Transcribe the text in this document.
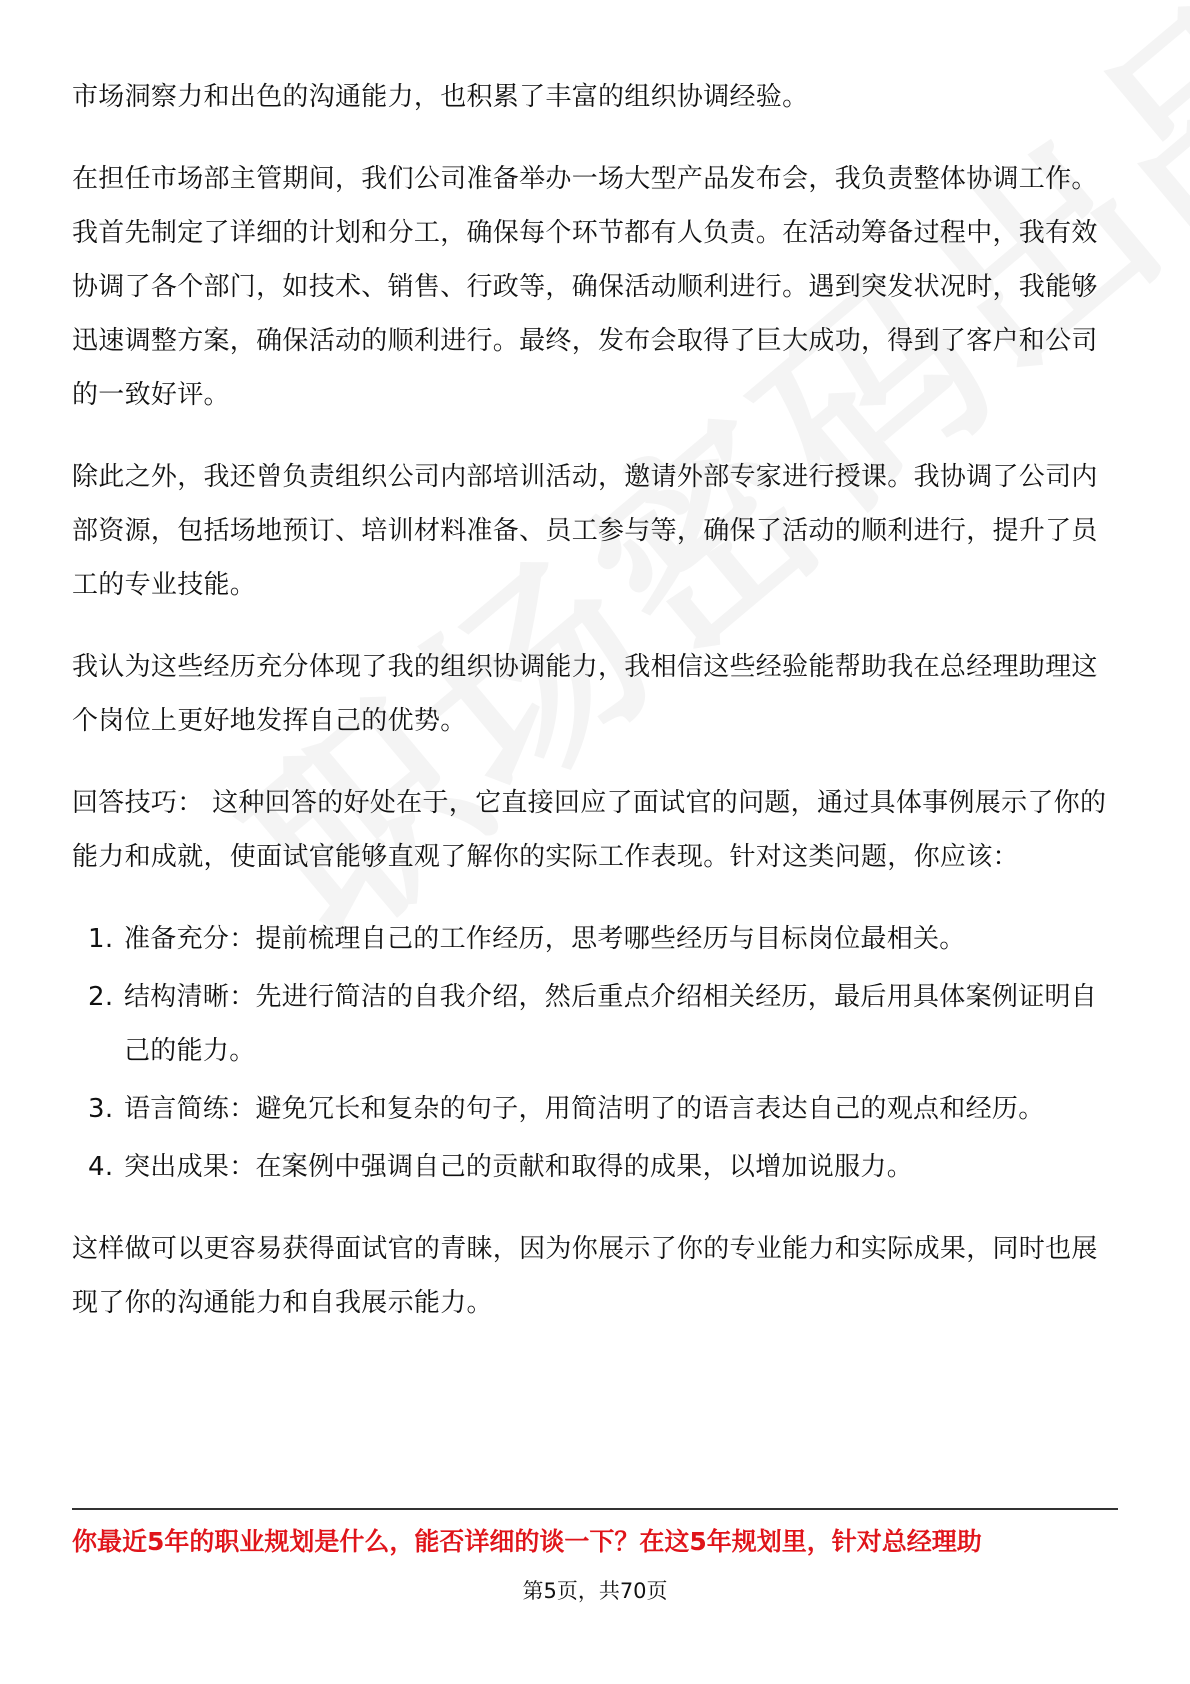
市场洞察力和出色的沟通能力，也积累了丰富的组织协调经验。

在担任市场部主管期间，我们公司准备举办一场大型产品发布会，我负责整体协调工作。我首先制定了详细的计划和分工，确保每个环节都有人负责。在活动筹备过程中，我有效协调了各个部门，如技术、销售、行政等，确保活动顺利进行。遇到突发状况时，我能够迅速调整方案，确保活动的顺利进行。最终，发布会取得了巨大成功，得到了客户和公司的一致好评。

除此之外，我还曾负责组织公司内部培训活动，邀请外部专家进行授课。我协调了公司内部资源，包括场地预订、培训材料准备、员工参与等，确保了活动的顺利进行，提升了员工的专业技能。

我认为这些经历充分体现了我的组织协调能力，我相信这些经验能帮助我在总经理助理这个岗位上更好地发挥自己的优势。

回答技巧： 这种回答的好处在于，它直接回应了面试官的问题，通过具体事例展示了你的能力和成就，使面试官能够直观了解你的实际工作表现。针对这类问题，你应该：

1. 准备充分：提前梳理自己的工作经历，思考哪些经历与目标岗位最相关。
2. 结构清晰：先进行简洁的自我介绍，然后重点介绍相关经历，最后用具体案例证明自己的能力。
3. 语言简练：避免冗长和复杂的句子，用简洁明了的语言表达自己的观点和经历。
4. 突出成果：在案例中强调自己的贡献和取得的成果，以增加说服力。

这样做可以更容易获得面试官的青睐，因为你展示了你的专业能力和实际成果，同时也展现了你的沟通能力和自我展示能力。

你最近5年的职业规划是什么，能否详细的谈一下？在这5年规划里，针对总经理助
第5页，共70页
